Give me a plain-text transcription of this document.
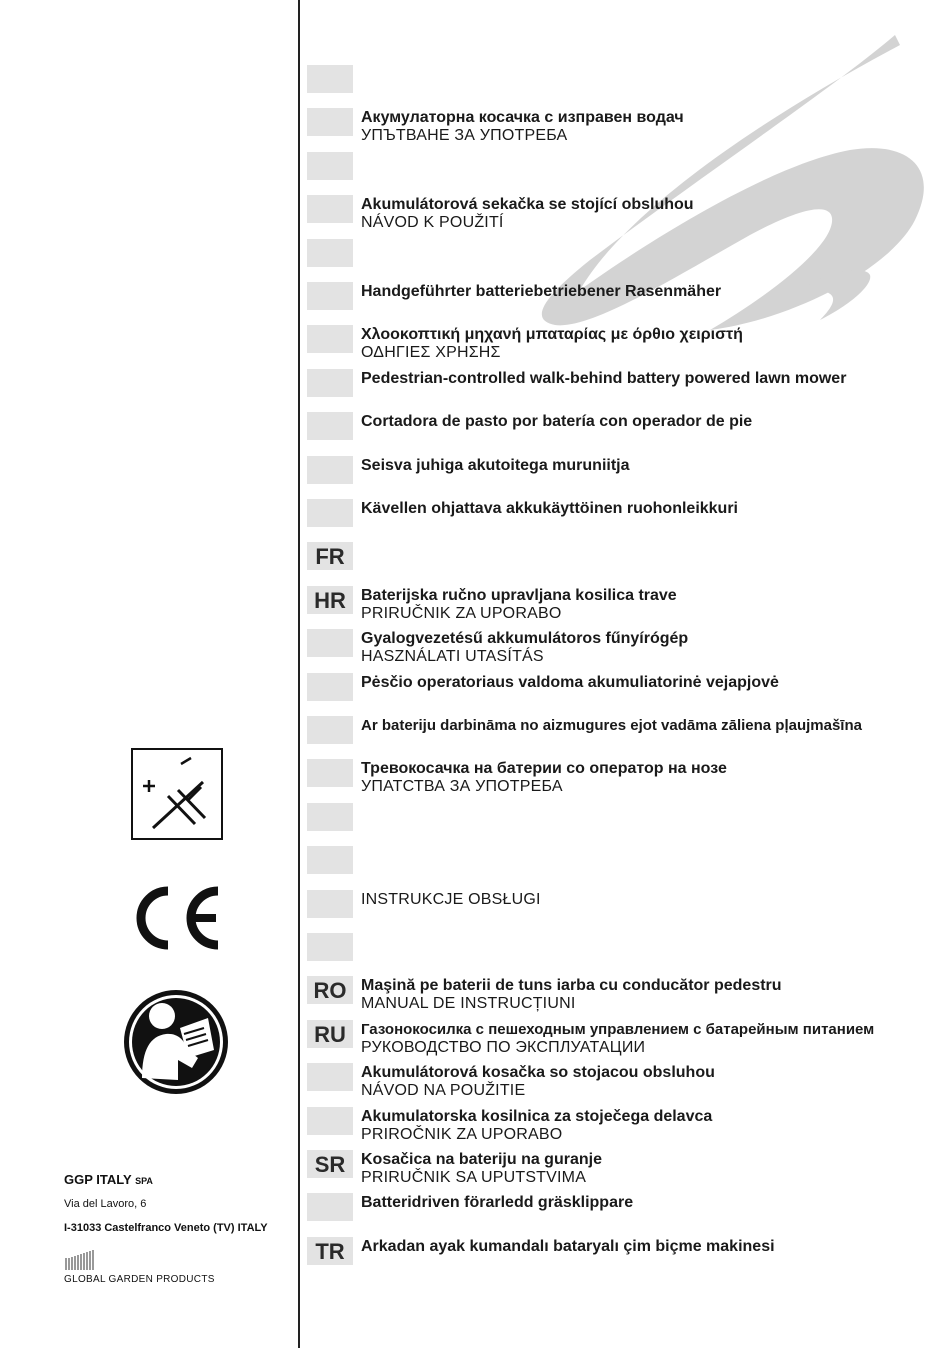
Акумулаторна косачка с изправен водач
УПЪТВАНЕ ЗА УПОТРЕБА
Akumulátorová sekačka se stojící obsluhou
NÁVOD K POUŽITÍ
Handgeführter batteriebetriebener Rasenmäher
Χλοοκοπτική μηχανή μπαταρίας με όρθιο χειριστή
ΟΔΗΓΙΕΣ ΧΡΗΣΗΣ
Pedestrian-controlled walk-behind battery powered lawn mower
Cortadora de pasto por batería con operador de pie
Seisva juhiga akutoitega muruniitja
Kävellen ohjattava akkukäyttöinen ruohonleikkuri
FR
HR Baterijska ručno upravljana kosilica trave
PRIRUČNIK ZA UPORABO
Gyalogvezetésű akkumulátoros fűnyírógép
HASZNÁLATI UTASÍTÁS
Pėsčio operatoriaus valdoma akumuliatorinė vejapjovė
Ar bateriju darbināma no aizmugures ejot vadāma zāliena pļaujmašīna
Тревокосачка на батерии со оператор на нозе
УПАТСТВА ЗА УПОТРЕБА
INSTRUKCJE OBSŁUGI
RO Maşină pe baterii de tuns iarba cu conducător pedestru
MANUAL DE INSTRUCȚIUNI
RU	Газонокосилка с пешеходным управлением с батарейным питанием
РУКОВОДСТВО ПО ЭКСПЛУАТАЦИИ
Akumulátorová kosačka so stojacou obsluhou
NÁVOD NA POUŽITIE
Akumulatorska kosilnica za stoječega delavca
PRIROČNIK ZA UPORABO
SR Kosačica na bateriju na guranje
PRIRUČNIK SA UPUTSTVIMA
Batteridriven förarledd gräsklippare
TR	Arkadan ayak kumandalı bataryalı çim biçme makinesi
GGP ITALY SPA
Via del Lavoro, 6
I-31033 Castelfranco Veneto (TV) ITALY
GLOBAL GARDEN PRODUCTS
